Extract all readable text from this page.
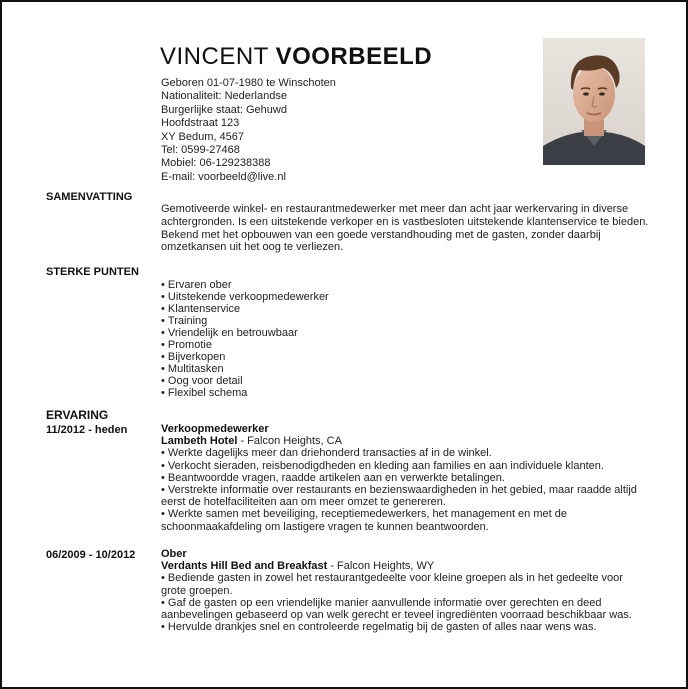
VINCENT VOORBEELD
Geboren 01-07-1980 te Winschoten
Nationaliteit: Nederlandse
Burgerlijke staat: Gehuwd
Hoofdstraat 123
XY Bedum, 4567
Tel: 0599-27468
Mobiel: 06-129238388
E-mail: voorbeeld@live.nl
SAMENVATTING
Gemotiveerde winkel- en restaurantmedewerker met meer dan acht jaar werkervaring in diverse achtergronden. Is een uitstekende verkoper en is vastbesloten uitstekende klantenservice te bieden. Bekend met het opbouwen van een goede verstandhouding met de gasten, zonder daarbij omzetkansen uit het oog te verliezen.
STERKE PUNTEN
• Ervaren ober
• Uitstekende verkoopmedewerker
• Klantenservice
• Training
• Vriendelijk en betrouwbaar
• Promotie
• Bijverkopen
• Multitasken
• Oog voor detail
• Flexibel schema
ERVARING
11/2012 - heden	Verkoopmedewerker
Lambeth Hotel - Falcon Heights, CA
• Werkte dagelijks meer dan driehonderd transacties af in de winkel.
• Verkocht sieraden, reisbenodigdheden en kleding aan families en aan individuele klanten.
• Beantwoordde vragen, raadde artikelen aan en verwerkte betalingen.
• Verstrekte informatie over restaurants en bezienswaardigheden in het gebied, maar raadde altijd eerst de hotelfaciliteiten aan om meer omzet te genereren.
• Werkte samen met beveiliging, receptiemedewerkers, het management en met de schoonmaakafdeling om lastigere vragen te kunnen beantwoorden.
06/2009 - 10/2012 Ober
Verdants Hill Bed and Breakfast - Falcon Heights, WY
• Bediende gasten in zowel het restaurantgedeelte voor kleine groepen als in het gedeelte voor grote groepen.
• Gaf de gasten op een vriendelijke manier aanvullende informatie over gerechten en deed aanbevelingen gebaseerd op van welk gerecht er teveel ingrediënten voorraad beschikbaar was.
• Hervulde drankjes snel en controleerde regelmatig bij de gasten of alles naar wens was.
